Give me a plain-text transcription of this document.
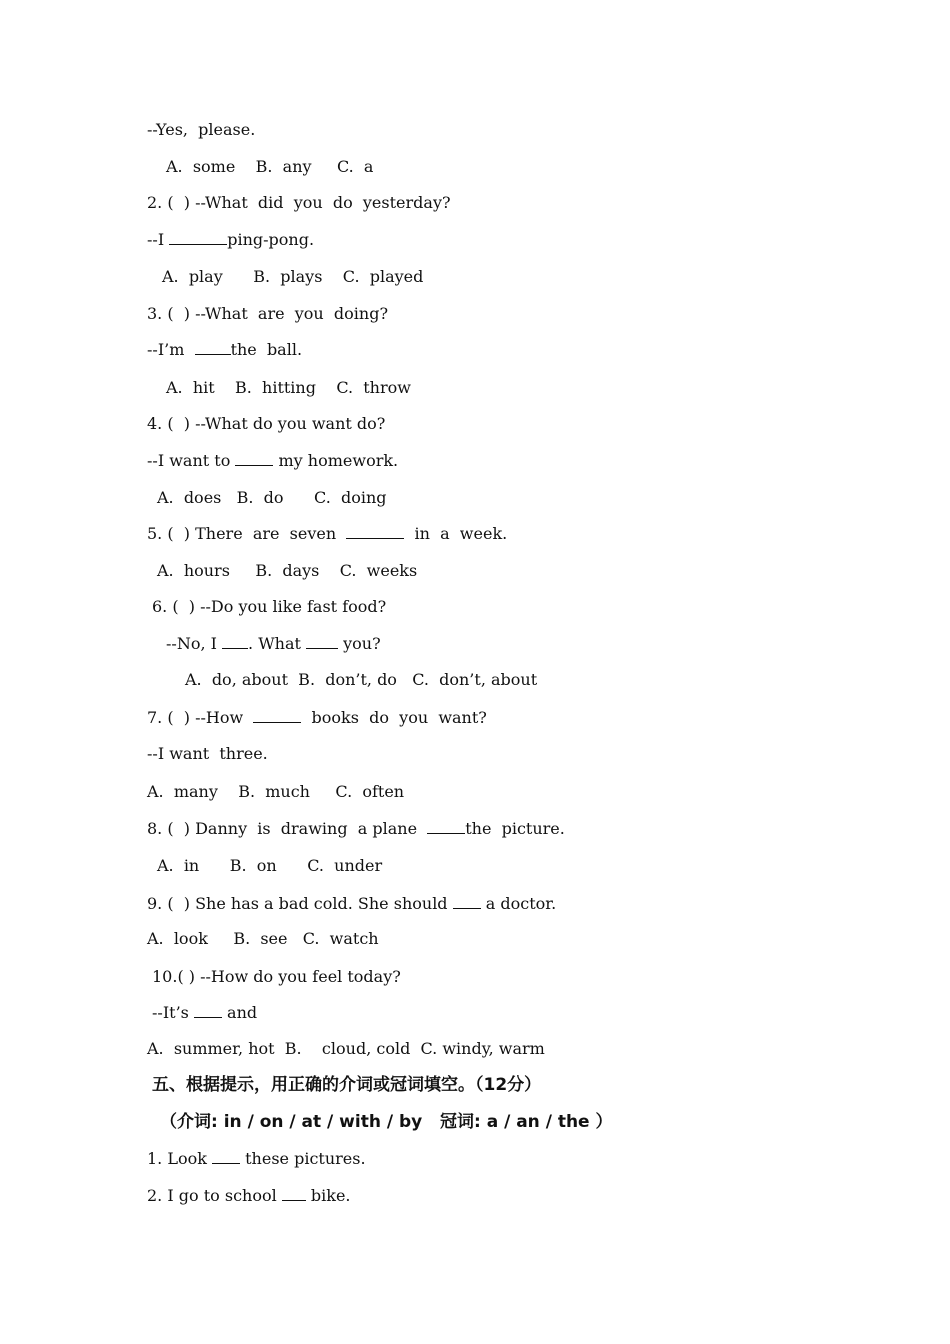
--Yes,  please.
A.  some    B.  any     C.  a
2. (  ) --What  did  you  do  yesterday?
--I	ping-pong.
A.  play      B.  plays    C.  played
3. (  ) --What  are  you  doing?
--I’m  the  ball.
A.  hit    B.  hitting    C.  throw
4. (  ) --What do you want do?
--I want to  my homework.
A.  does   B.  do      C.  doing
5. (  ) There  are  seven	in  a  week.
A.  hours     B.  days    C.  weeks
6. (  ) --Do you like fast food?
--No, I . What  you?
A.  do, about  B.  don’t, do   C.  don’t, about
7. (  ) --How	books  do  you  want?
--I want  three.
A.  many    B.  much     C.  often
8. (  ) Danny  is  drawing  a plane  the  picture.
A.  in      B.  on      C.  under
9. (  ) She has a bad cold. She should  a doctor.
A.  look     B.  see   C.  watch
10.( ) --How do you feel today?
--It’s  and
A.  summer, hot  B.    cloud, cold  C. windy, warm
五、根据提示，用正确的介词或冠词填空。（12分）
（介词: in / on / at / with / by   冠词: a / an / the ）
1. Look  these pictures.
2. I go to school  bike.
